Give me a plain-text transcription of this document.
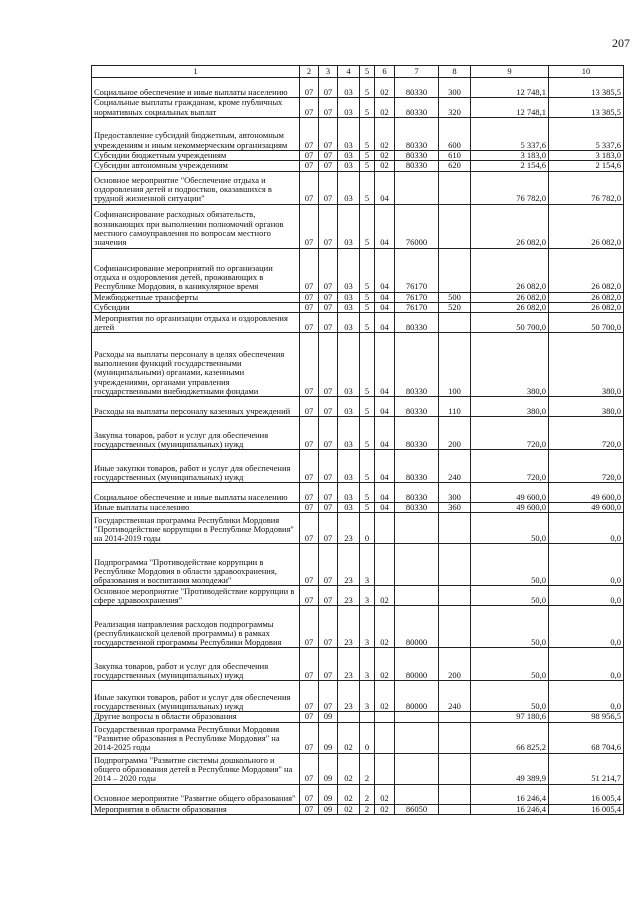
207
1	2	3	4	5	6	7	8	9	10
Социальное обеспечение и иные выплаты населению	07	07	03	5	02	80330	300	12 748,1	13 385,5
Социальные выплаты гражданам, кроме публичных нормативных социальных выплат	07	07	03	5	02	80330	320	12 748,1	13 385,5
Предоставление субсидий бюджетным, автономным учреждениям и иным некоммерческим организациям	07	07	03	5	02	80330	600	5 337,6	5 337,6
Субсидии бюджетным учреждениям	07	07	03	5	02	80330	610	3 183,0	3 183,0
Субсидии автономным учреждениям	07	07	03	5	02	80330	620	2 154,6	2 154,6
Основное мероприятие "Обеспечение отдыха и оздоровления детей и подростков, оказавшихся в трудной жизненной ситуации"	07	07	03	5	04			76 782,0	76 782,0
Софинансирование расходных обязательств, возникающих при выполнении полномочий органов местного самоуправления по вопросам местного значения	07	07	03	5	04	76000		26 082,0	26 082,0
Софинансирование мероприятий по организации отдыха и оздоровления детей, проживающих в Республике Мордовия, в каникулярное время	07	07	03	5	04	76170		26 082,0	26 082,0
Межбюджетные трансферты	07	07	03	5	04	76170	500	26 082,0	26 082,0
Субсидии	07	07	03	5	04	76170	520	26 082,0	26 082,0
Мероприятия по организации отдыха и оздоровления детей	07	07	03	5	04	80330		50 700,0	50 700,0
Расходы на выплаты персоналу в целях обеспечения выполнения функций государственными (муниципальными) органами, казенными учреждениями, органами управления государственными внебюджетными фондами	07	07	03	5	04	80330	100	380,0	380,0
Расходы на выплаты персоналу казенных учреждений	07	07	03	5	04	80330	110	380,0	380,0
Закупка товаров, работ и услуг для обеспечения государственных (муниципальных) нужд	07	07	03	5	04	80330	200	720,0	720,0
Иные закупки товаров, работ и услуг для обеспечения государственных (муниципальных) нужд	07	07	03	5	04	80330	240	720,0	720,0
Социальное обеспечение и иные выплаты населению	07	07	03	5	04	80330	300	49 600,0	49 600,0
Иные выплаты населению	07	07	03	5	04	80330	360	49 600,0	49 600,0
Государственная программа Республики Мордовия "Противодействие коррупции в Республике Мордовия" на 2014-2019 годы	07	07	23	0				50,0	0,0
Подпрограмма "Противодействие коррупции в Республике Мордовия в области здравоохранения, образования и воспитания молодежи"	07	07	23	3				50,0	0,0
Основное мероприятие "Противодействие коррупции в сфере здравоохранения"	07	07	23	3	02			50,0	0,0
Реализация направления расходов подпрограммы (республиканской целевой программы) в рамках государственной программы Республики Мордовия	07	07	23	3	02	80000		50,0	0,0
Закупка товаров, работ и услуг для обеспечения государственных (муниципальных) нужд	07	07	23	3	02	80000	200	50,0	0,0
Иные закупки товаров, работ и услуг для обеспечения государственных (муниципальных) нужд	07	07	23	3	02	80000	240	50,0	0,0
Другие вопросы в области образования	07	09						97 180,6	98 956,5
Государственная программа Республики Мордовия "Развитие образования в Республике Мордовия" на 2014-2025 годы	07	09	02	0				66 825,2	68 704,6
Подпрограмма "Развитие системы дошкольного и общего образования детей в Республике Мордовия" на 2014 – 2020 годы	07	09	02	2				49 389,9	51 214,7
Основное мероприятие "Развитие общего образования"	07	09	02	2	02			16 246,4	16 005,4
Мероприятия в области образования	07	09	02	2	02	86050		16 246,4	16 005,4
